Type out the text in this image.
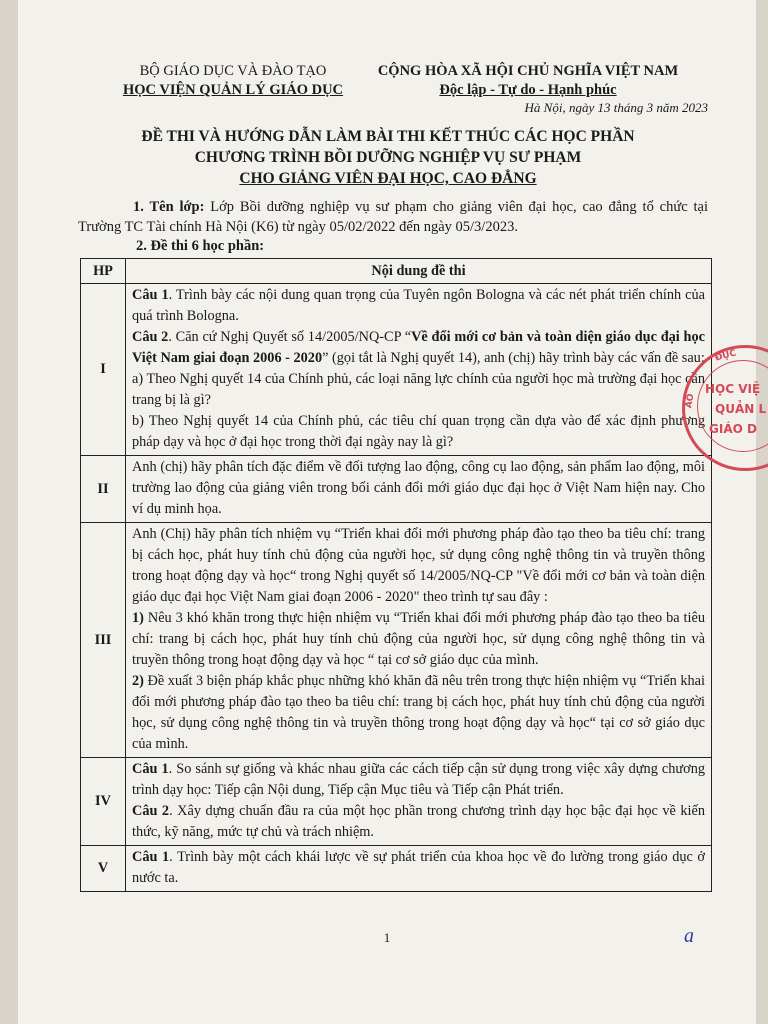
BỘ GIÁO DỤC VÀ ĐÀO TẠO
HỌC VIỆN QUẢN LÝ GIÁO DỤC
CỘNG HÒA XÃ HỘI CHỦ NGHĨA VIỆT NAM
Độc lập - Tự do - Hạnh phúc
Hà Nội, ngày 13 tháng 3 năm 2023
ĐỀ THI VÀ HƯỚNG DẪN LÀM BÀI THI KẾT THÚC CÁC HỌC PHẦN
CHƯƠNG TRÌNH BỒI DƯỠNG NGHIỆP VỤ SƯ PHẠM
CHO GIẢNG VIÊN ĐẠI HỌC, CAO ĐẲNG
1. Tên lớp: Lớp Bồi dưỡng nghiệp vụ sư phạm cho giảng viên đại học, cao đẳng tổ chức tại Trường TC Tài chính Hà Nội (K6) từ ngày 05/02/2022 đến ngày 05/3/2023.
2. Đề thi 6 học phần:
HP	Nội dung đề thi
I	Câu 1. Trình bày các nội dung quan trọng của Tuyên ngôn Bologna và các nét phát triển chính của quá trình Bologna.

Câu 2. Căn cứ Nghị Quyết số 14/2005/NQ-CP “Về đổi mới cơ bản và toàn diện giáo dục đại học Việt Nam giai đoạn 2006 - 2020” (gọi tắt là Nghị quyết 14), anh (chị) hãy trình bày các vấn đề sau:

a) Theo Nghị quyết 14 của Chính phủ, các loại năng lực chính của người học mà trường đại học cần trang bị là gì?

b) Theo Nghị quyết 14 của Chính phủ, các tiêu chí quan trọng cần dựa vào để xác định phương pháp dạy và học ở đại học trong thời đại ngày nay là gì?

II	Anh (chị) hãy phân tích đặc điểm về đối tượng lao động, công cụ lao động, sản phẩm lao động, môi trường lao động của giảng viên trong bối cảnh đổi mới giáo dục đại học ở Việt Nam hiện nay. Cho ví dụ minh họa.

III	Anh (Chị) hãy phân tích nhiệm vụ “Triển khai đổi mới phương pháp đào tạo theo ba tiêu chí: trang bị cách học, phát huy tính chủ động của người học, sử dụng công nghệ thông tin và truyền thông trong hoạt động dạy và học“ trong Nghị quyết số 14/2005/NQ-CP "Về đổi mới cơ bản và toàn diện giáo dục đại học Việt Nam giai đoạn 2006 - 2020" theo trình tự sau đây :

1) Nêu 3 khó khăn trong thực hiện nhiệm vụ “Triển khai đổi mới phương pháp đào tạo theo ba tiêu chí: trang bị cách học, phát huy tính chủ động của người học, sử dụng công nghệ thông tin và truyền thông trong hoạt động dạy và học “ tại cơ sở giáo dục của mình.

2) Đề xuất 3 biện pháp khắc phục những khó khăn đã nêu trên trong thực hiện nhiệm vụ “Triển khai đổi mới phương pháp đào tạo theo ba tiêu chí: trang bị cách học, phát huy tính chủ động của người học, sử dụng công nghệ thông tin và truyền thông trong hoạt động dạy và học“ tại cơ sở giáo dục của mình.

IV	Câu 1. So sánh sự giống và khác nhau giữa các cách tiếp cận sử dụng trong việc xây dựng chương trình dạy học: Tiếp cận Nội dung, Tiếp cận Mục tiêu và Tiếp cận Phát triển.

Câu 2. Xây dựng chuẩn đầu ra của một học phần trong chương trình dạy học bậc đại học về kiến thức, kỹ năng, mức tự chủ và trách nhiệm.

V	Câu 1. Trình bày một cách khái lược về sự phát triển của khoa học về đo lường trong giáo dục ở nước ta.

1	a
ĐỤC
ẢO
HỌC VIỆ
QUẢN L
GIÁO D
